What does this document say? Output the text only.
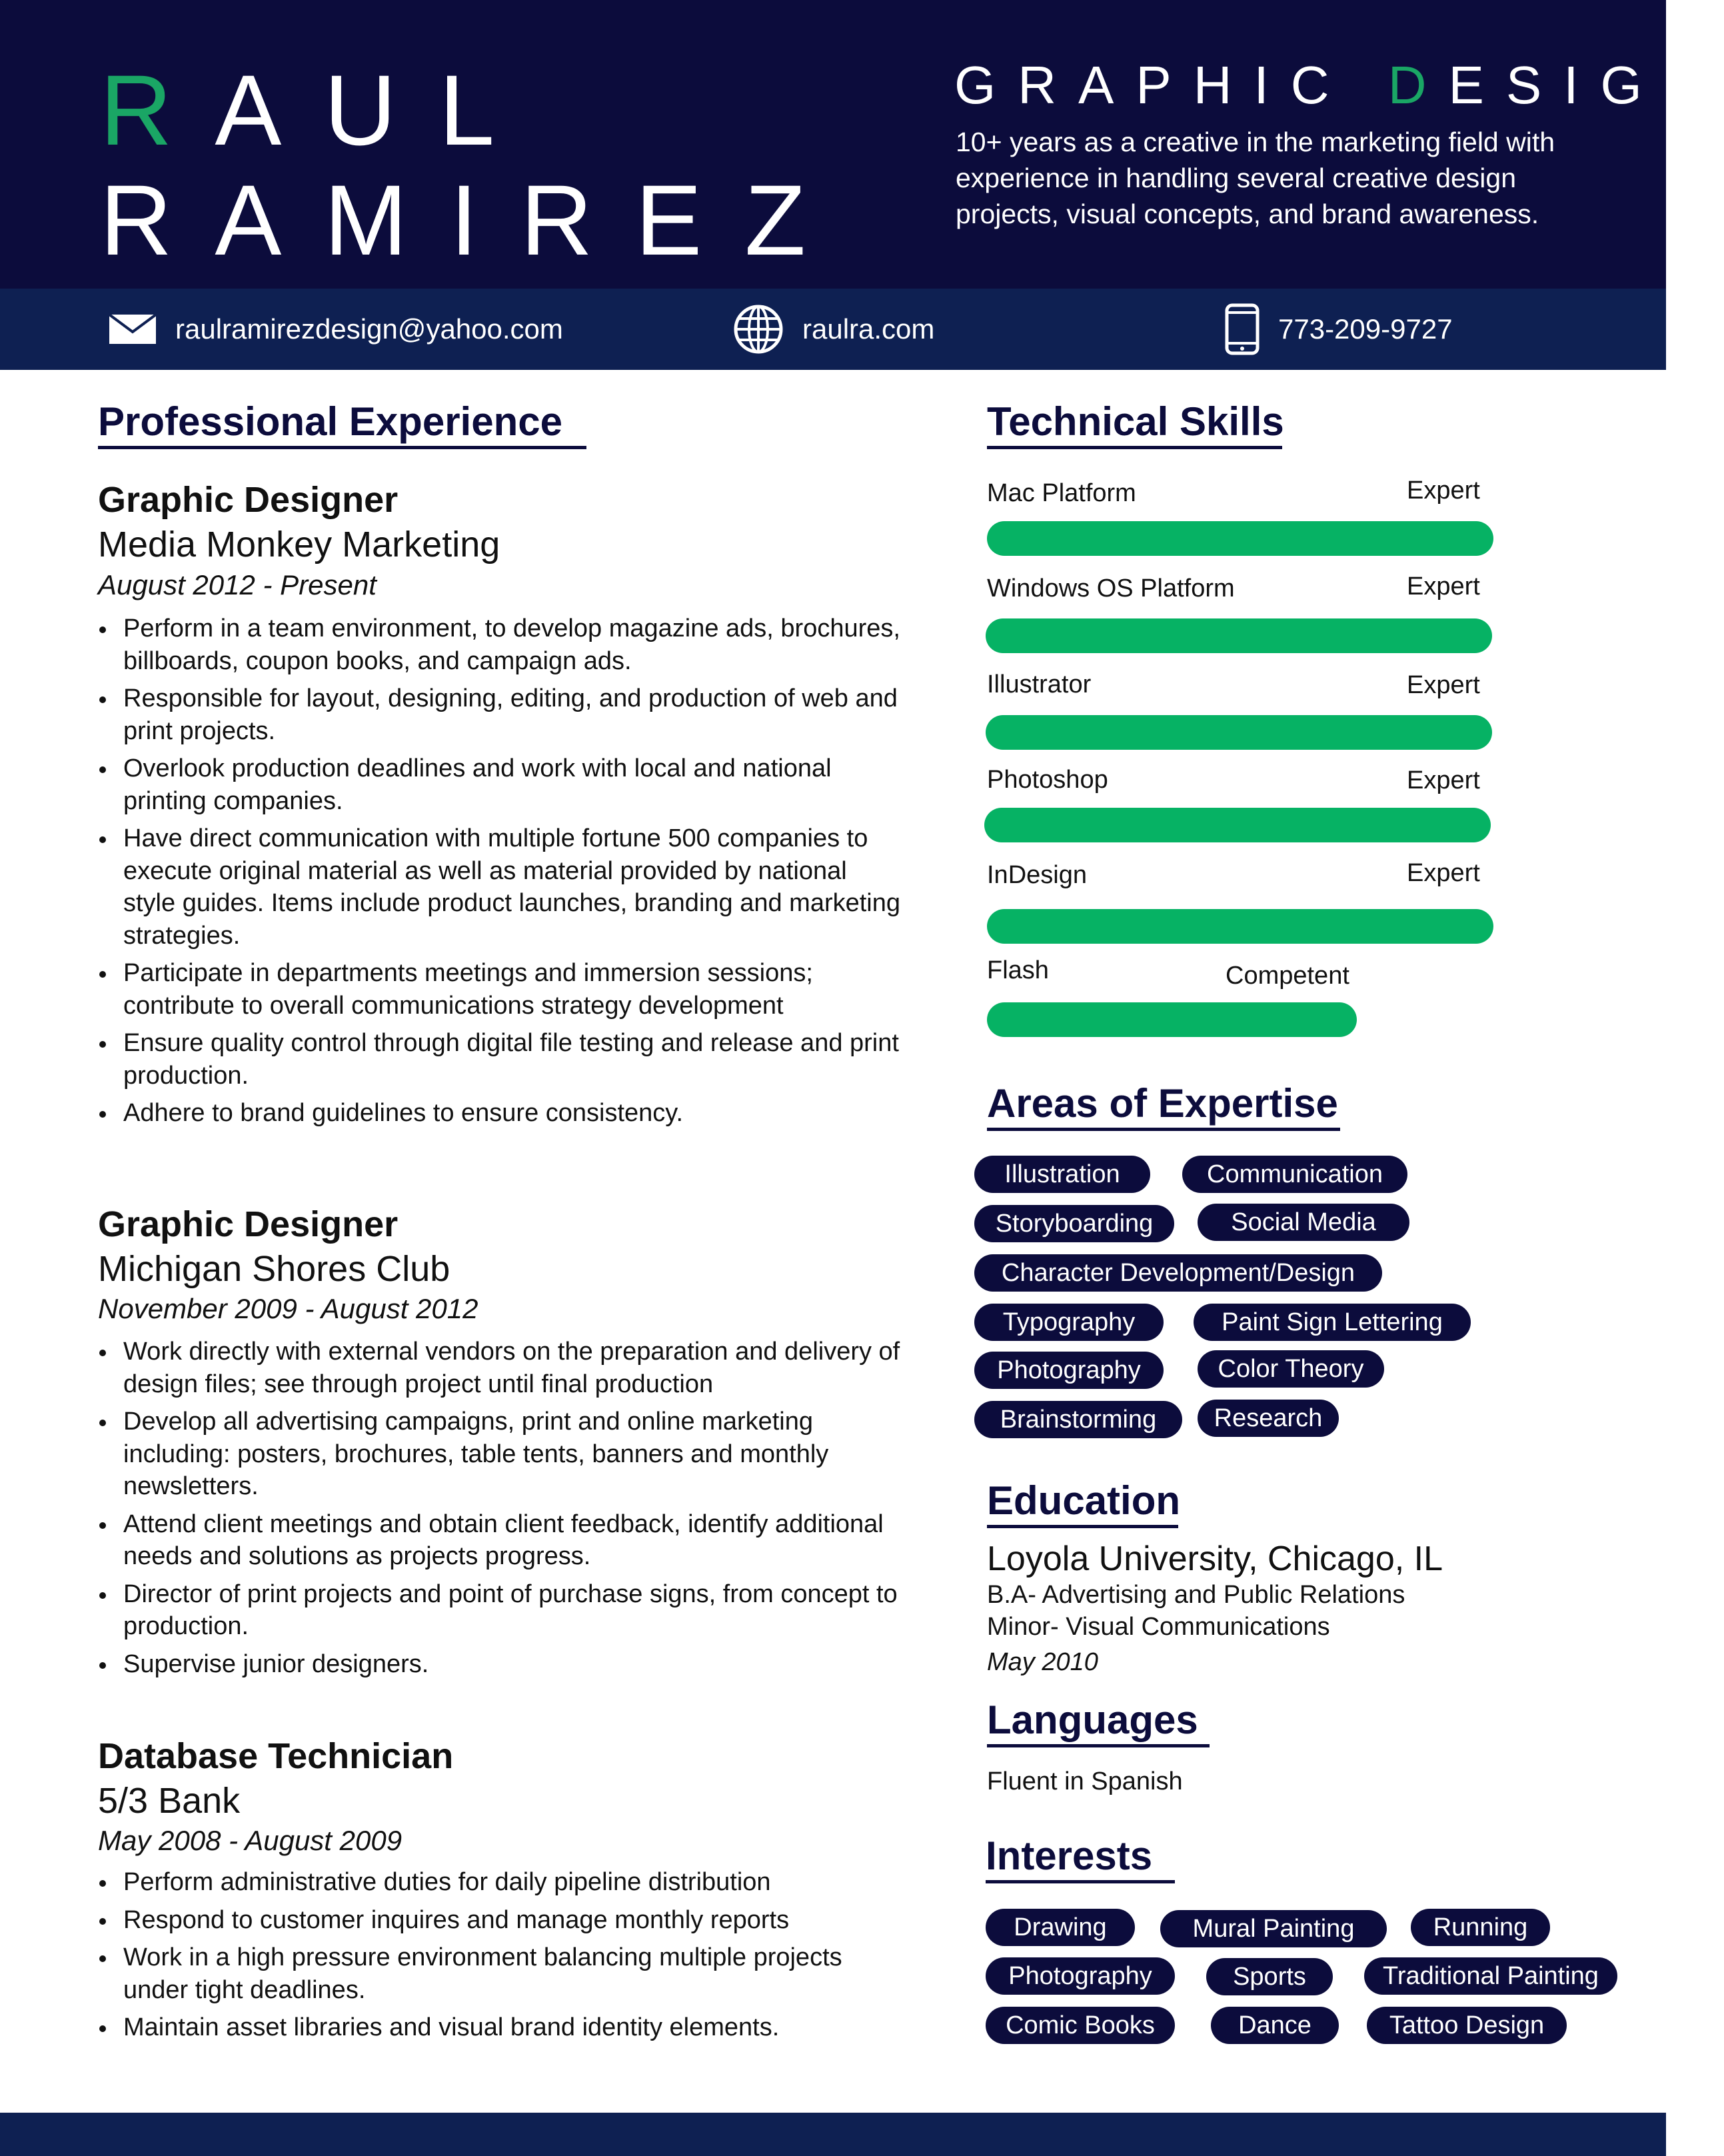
RAUL
RAMIREZ
GRAPHIC DESIGN
10+ years as a creative in the marketing field with experience in handling several creative design projects, visual concepts, and brand awareness.
raulramirezdesign@yahoo.com	raulra.com	773-209-9727
Professional Experience
Graphic Designer
Media Monkey Marketing
August 2012 - Present
Perform in a team environment, to develop magazine ads, brochures, billboards, coupon books, and campaign ads.
Responsible for layout, designing, editing, and production of web and print projects.
Overlook production deadlines and work with local and national printing companies.
Have direct communication with multiple fortune 500 companies to execute original material as well as material provided by national style guides. Items include product launches, branding and marketing strategies.
Participate in departments meetings and immersion sessions; contribute to overall communications strategy development
Ensure quality control through digital file testing and release and print production.
Adhere to brand guidelines to ensure consistency.
Graphic Designer
Michigan Shores Club
November 2009 - August 2012
Work directly with external vendors on the preparation and delivery of design files; see through project until final production
Develop all advertising campaigns, print and online marketing including: posters, brochures, table tents, banners and monthly newsletters.
Attend client meetings and obtain client feedback, identify additional needs and solutions as projects progress.
Director of print projects and point of purchase signs, from concept to production.
Supervise junior designers.
Database Technician
5/3 Bank
May 2008 - August 2009
Perform administrative duties for daily pipeline distribution
Respond to customer inquires and manage monthly reports
Work in a high pressure environment balancing multiple projects under tight deadlines.
Maintain asset libraries and visual brand identity elements.
Technical Skills
Mac Platform	Expert
Windows OS Platform	Expert
Illustrator	Expert
Photoshop	Expert
InDesign	Expert
Flash	Competent
Areas of Expertise
Illustration	Communication
Storyboarding	Social Media
Character Development/Design
Typography	Paint Sign Lettering
Photography	Color Theory
Brainstorming	Research
Education
Loyola University, Chicago, IL
B.A- Advertising and Public Relations
Minor- Visual Communications
May 2010
Languages
Fluent in Spanish
Interests
Drawing	Mural Painting	Running
Photography	Sports	Traditional Painting
Comic Books	Dance	Tattoo Design
